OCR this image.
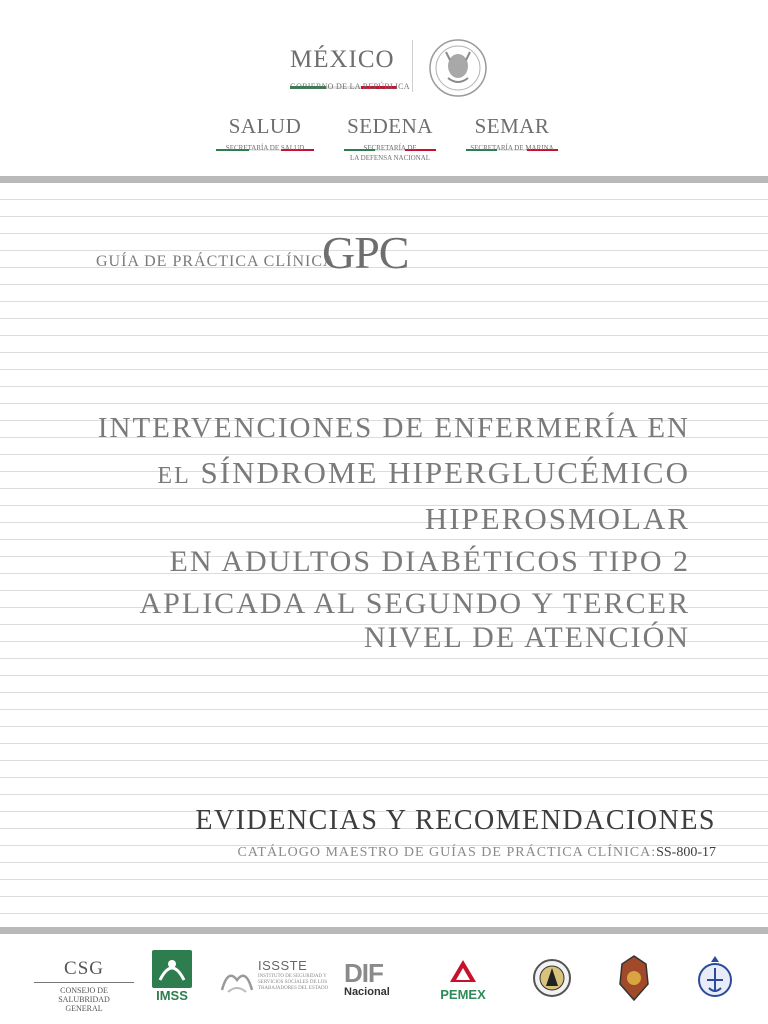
MÉXICO
GOBIERNO DE LA REPÚBLICA
SALUD
SECRETARÍA DE SALUD
SEDENA
SECRETARÍA DE
LA DEFENSA NACIONAL
SEMAR
SECRETARÍA DE MARINA
GUÍA DE PRÁCTICA CLÍNICA
GPC
INTERVENCIONES DE ENFERMERÍA EN
EL SÍNDROME HIPERGLUCÉMICO
HIPEROSMOLAR
EN ADULTOS DIABÉTICOS TIPO 2
APLICADA AL SEGUNDO Y TERCER
NIVEL DE ATENCIÓN
EVIDENCIAS Y RECOMENDACIONES
CATÁLOGO MAESTRO DE GUÍAS DE PRÁCTICA CLÍNICA:SS-800-17
CSG
CONSEJO DE SALUBRIDAD
GENERAL
IMSS
ISSSTE
INSTITUTO DE SEGURIDAD Y SERVICIOS SOCIALES DE LOS TRABAJADORES DEL ESTADO
DIF
Nacional	PEMEX
